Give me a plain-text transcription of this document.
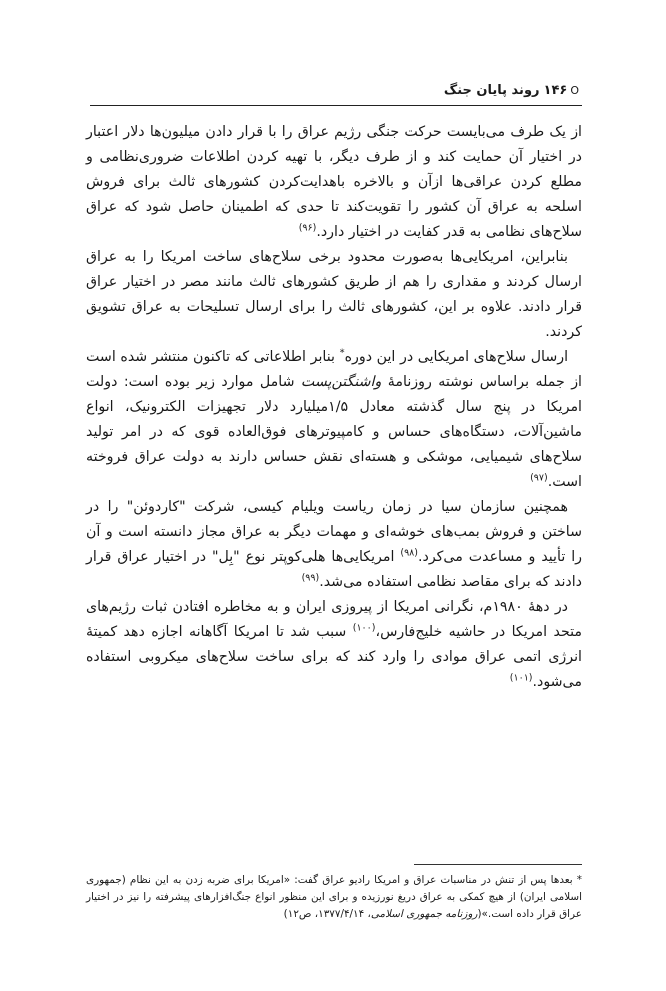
۱۴۶ Oروند پایان جنگ

از یک طرف می‌بایست حرکت جنگی رژیم عراق را با قرار دادن میلیون‌ها دلار اعتبار در اختیار آن حمایت کند و از طرف دیگر، با تهیه کردن اطلاعات ضروری‌نظامی و مطلع کردن عراقی‌ها ازآن و بالاخره باهدایت‌کردن کشورهای ثالث برای فروش اسلحه به عراق آن کشور را تقویت‌کند تا حدی که اطمینان حاصل شود که عراق سلاح‌های نظامی به قدر کفایت در اختیار دارد.$^{(۹۶)}$

بنابراین، امریکایی‌ها به‌صورت محدود برخی سلاح‌های ساخت امریکا را به عراق ارسال کردند و مقداری را هم از طریق کشورهای ثالث مانند مصر در اختیار عراق قرار دادند. علاوه بر این، کشورهای ثالث را برای ارسال تسلیحات به عراق تشویق کردند.

ارسال سلاح‌های امریکایی در این دوره* بنابر اطلاعاتی که تاکنون منتشر شده است از جمله براساس نوشته روزنامۀ واشنگتن‌پست شامل موارد زیر بوده است: دولت امریکا در پنج سال گذشته معادل ۱/۵میلیارد دلار تجهیزات الکترونیک، انواع ماشین‌آلات، دستگاه‌های حساس و کامپیوترهای فوق‌العاده قوی که در امر تولید سلاح‌های شیمیایی، موشکی و هسته‌ای نقش حساس دارند به دولت عراق فروخته است.$^{(۹۷)}$

همچنین سازمان سیا در زمان ریاست ویلیام کیسی، شرکت "کاردوئن" را در ساختن و فروش بمب‌های خوشه‌ای و مهمات دیگر به عراق مجاز دانسته است و آن را تأیید و مساعدت می‌کرد.$^{(۹۸)}$ امریکایی‌ها هلی‌کوپتر نوع "بِل" در اختیار عراق قرار دادند که برای مقاصد نظامی استفاده می‌شد.$^{(۹۹)}$

در دهۀ ۱۹۸۰م، نگرانی امریکا از پیروزی ایران و به مخاطره افتادن ثبات رژیم‌های متحد امریکا در حاشیه خلیج‌فارس،$^{(۱۰۰)}$ سبب شد تا امریکا آگاهانه اجازه دهد کمیتۀ انرژی اتمی عراق موادی را وارد کند که برای ساخت سلاح‌های میکروبی استفاده می‌شود.$^{(۱۰۱)}$

* بعدها پس از تنش در مناسبات عراق و امریکا رادیو عراق گفت: «امریکا برای ضربه زدن به این نظام (جمهوری اسلامی ایران) از هیچ کمکی به عراق دریغ نورزیده و برای این منظور انواع جنگ‌افزارهای پیشرفته را نیز در اختیار عراق قرار داده است.»(روزنامه جمهوری اسلامی، ۱۳۷۷/۴/۱۴، ص۱۲)
